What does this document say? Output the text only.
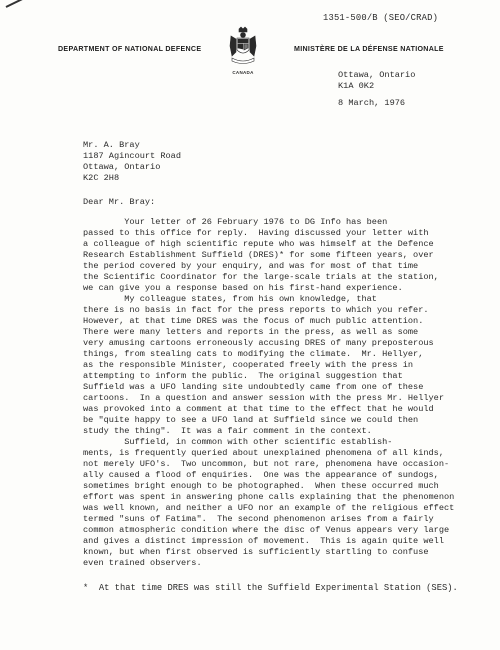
1351-500/B (SEO/CRAD)
DEPARTMENT OF NATIONAL DEFENCE
CANADA
MINISTÈRE DE LA DÉFENSE NATIONALE
Ottawa, Ontario
K1A 0K2
8 March, 1976
Mr. A. Bray
1187 Agincourt Road
Ottawa, Ontario
K2C 2H8
Dear Mr. Bray:
Your letter of 26 February 1976 to DG Info has been
passed to this office for reply.  Having discussed your letter with
a colleague of high scientific repute who was himself at the Defence
Research Establishment Suffield (DRES)* for some fifteen years, over
the period covered by your enquiry, and was for most of that time
the Scientific Coordinator for the large-scale trials at the station,
we can give you a response based on his first-hand experience.
My colleague states, from his own knowledge, that
there is no basis in fact for the press reports to which you refer.
However, at that time DRES was the focus of much public attention.
There were many letters and reports in the press, as well as some
very amusing cartoons erroneously accusing DRES of many preposterous
things, from stealing cats to modifying the climate.  Mr. Hellyer,
as the responsible Minister, cooperated freely with the press in
attempting to inform the public.  The original suggestion that
Suffield was a UFO landing site undoubtedly came from one of these
cartoons.  In a question and answer session with the press Mr. Hellyer
was provoked into a comment at that time to the effect that he would
be "quite happy to see a UFO land at Suffield since we could then
study the thing".  It was a fair comment in the context.
Suffield, in common with other scientific establish-
ments, is frequently queried about unexplained phenomena of all kinds,
not merely UFO's.  Two uncommon, but not rare, phenomena have occasion-
ally caused a flood of enquiries.  One was the appearance of sundogs,
sometimes bright enough to be photographed.  When these occurred much
effort was spent in answering phone calls explaining that the phenomenon
was well known, and neither a UFO nor an example of the religious effect
termed "suns of Fatima".  The second phenomenon arises from a fairly
common atmospheric condition where the disc of Venus appears very large
and gives a distinct impression of movement.  This is again quite well
known, but when first observed is sufficiently startling to confuse
even trained observers.
*  At that time DRES was still the Suffield Experimental Station (SES).
